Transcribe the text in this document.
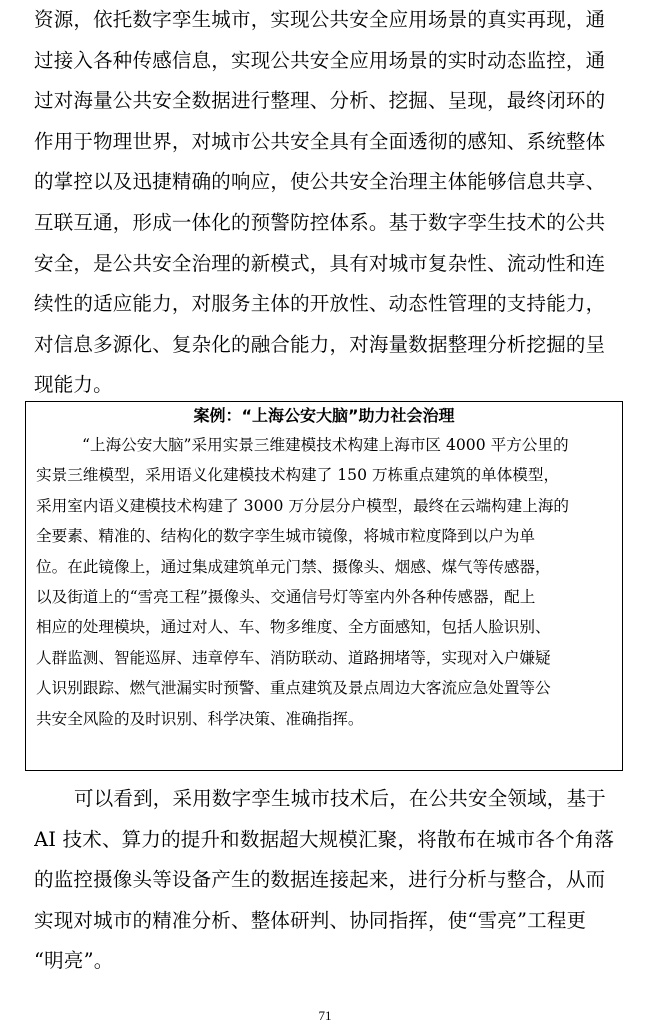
资源，依托数字孪生城市，实现公共安全应用场景的真实再现，通
过接入各种传感信息，实现公共安全应用场景的实时动态监控，通
过对海量公共安全数据进行整理、分析、挖掘、呈现，最终闭环的
作用于物理世界，对城市公共安全具有全面透彻的感知、系统整体
的掌控以及迅捷精确的响应，使公共安全治理主体能够信息共享、
互联互通，形成一体化的预警防控体系。基于数字孪生技术的公共
安全，是公共安全治理的新模式，具有对城市复杂性、流动性和连
续性的适应能力，对服务主体的开放性、动态性管理的支持能力，
对信息多源化、复杂化的融合能力，对海量数据整理分析挖掘的呈
现能力。
案例：“上海公安大脑”助力社会治理
“上海公安大脑”采用实景三维建模技术构建上海市区 4000 平方公里的
实景三维模型，采用语义化建模技术构建了 150 万栋重点建筑的单体模型，
采用室内语义建模技术构建了 3000 万分层分户模型，最终在云端构建上海的
全要素、精准的、结构化的数字孪生城市镜像，将城市粒度降到以户为单
位。在此镜像上，通过集成建筑单元门禁、摄像头、烟感、煤气等传感器，
以及街道上的“雪亮工程”摄像头、交通信号灯等室内外各种传感器，配上
相应的处理模块，通过对人、车、物多维度、全方面感知，包括人脸识别、
人群监测、智能巡屏、违章停车、消防联动、道路拥堵等，实现对入户嫌疑
人识别跟踪、燃气泄漏实时预警、重点建筑及景点周边大客流应急处置等公
共安全风险的及时识别、科学决策、准确指挥。
可以看到，采用数字孪生城市技术后，在公共安全领域，基于
AI 技术、算力的提升和数据超大规模汇聚，将散布在城市各个角落
的监控摄像头等设备产生的数据连接起来，进行分析与整合，从而
实现对城市的精准分析、整体研判、协同指挥，使“雪亮”工程更
“明亮”。
71
